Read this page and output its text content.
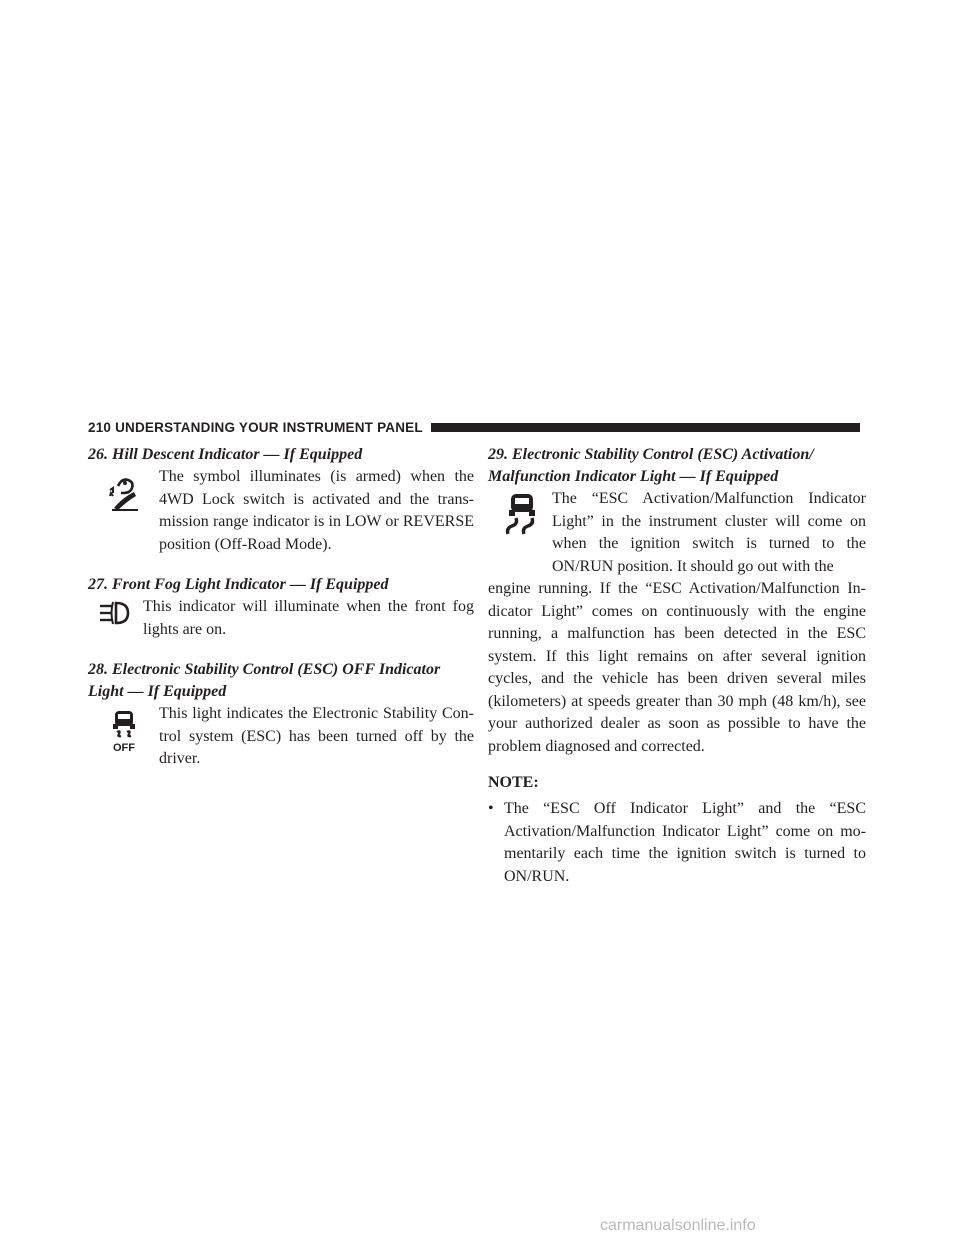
210 UNDERSTANDING YOUR INSTRUMENT PANEL

26. Hill Descent Indicator — If Equipped

The symbol illuminates (is armed) when the 4WD Lock switch is activated and the trans-mission range indicator is in LOW or REVERSE position (Off-Road Mode).

27. Front Fog Light Indicator — If Equipped

This indicator will illuminate when the front fog lights are on.

28. Electronic Stability Control (ESC) OFF Indicator

Light — If Equipped

OFF

This light indicates the Electronic Stability Con-trol system (ESC) has been turned off by the driver.

29. Electronic Stability Control (ESC) Activation/

Malfunction Indicator Light — If Equipped

The “ESC Activation/Malfunction Indicator Light” in the instrument cluster will come on when the ignition switch is turned to the ON/RUN position. It should go out with the

engine running. If the “ESC Activation/Malfunction In-dicator Light” comes on continuously with the engine running, a malfunction has been detected in the ESC system. If this light remains on after several ignition cycles, and the vehicle has been driven several miles (kilometers) at speeds greater than 30 mph (48 km/h), see your authorized dealer as soon as possible to have the problem diagnosed and corrected.

NOTE:

• The “ESC Off Indicator Light” and the “ESC Activation/Malfunction Indicator Light” come on mo-mentarily each time the ignition switch is turned to ON/RUN.
carmanualsonline.info
